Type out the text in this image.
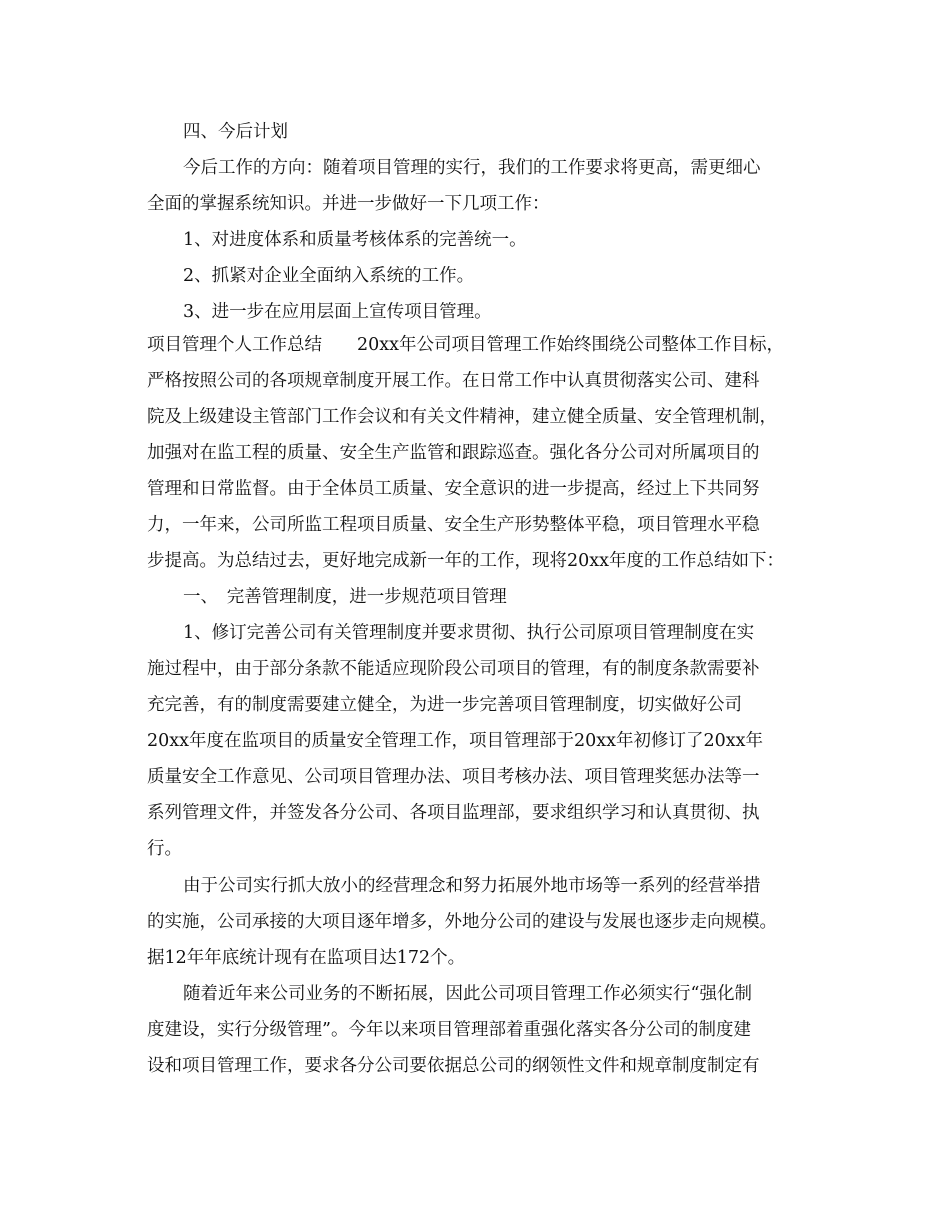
四、今后计划
今后工作的方向：随着项目管理的实行，我们的工作要求将更高，需更细心
全面的掌握系统知识。并进一步做好一下几项工作：
1、对进度体系和质量考核体系的完善统一。
2、抓紧对企业全面纳入系统的工作。
3、进一步在应用层面上宣传项目管理。
项目管理个人工作总结　　20xx年公司项目管理工作始终围绕公司整体工作目标，
严格按照公司的各项规章制度开展工作。在日常工作中认真贯彻落实公司、建科
院及上级建设主管部门工作会议和有关文件精神，建立健全质量、安全管理机制，
加强对在监工程的质量、安全生产监管和跟踪巡查。强化各分公司对所属项目的
管理和日常监督。由于全体员工质量、安全意识的进一步提高，经过上下共同努
力，一年来，公司所监工程项目质量、安全生产形势整体平稳，项目管理水平稳
步提高。为总结过去，更好地完成新一年的工作，现将20xx年度的工作总结如下：
一、　完善管理制度，进一步规范项目管理
1、修订完善公司有关管理制度并要求贯彻、执行公司原项目管理制度在实
施过程中，由于部分条款不能适应现阶段公司项目的管理，有的制度条款需要补
充完善，有的制度需要建立健全，为进一步完善项目管理制度，切实做好公司
20xx年度在监项目的质量安全管理工作，项目管理部于20xx年初修订了20xx年
质量安全工作意见、公司项目管理办法、项目考核办法、项目管理奖惩办法等一
系列管理文件，并签发各分公司、各项目监理部，要求组织学习和认真贯彻、执
行。
由于公司实行抓大放小的经营理念和努力拓展外地市场等一系列的经营举措
的实施，公司承接的大项目逐年增多，外地分公司的建设与发展也逐步走向规模。
据12年年底统计现有在监项目达172个。
随着近年来公司业务的不断拓展，因此公司项目管理工作必须实行“强化制
度建设，实行分级管理”。今年以来项目管理部着重强化落实各分公司的制度建
设和项目管理工作，要求各分公司要依据总公司的纲领性文件和规章制度制定有
